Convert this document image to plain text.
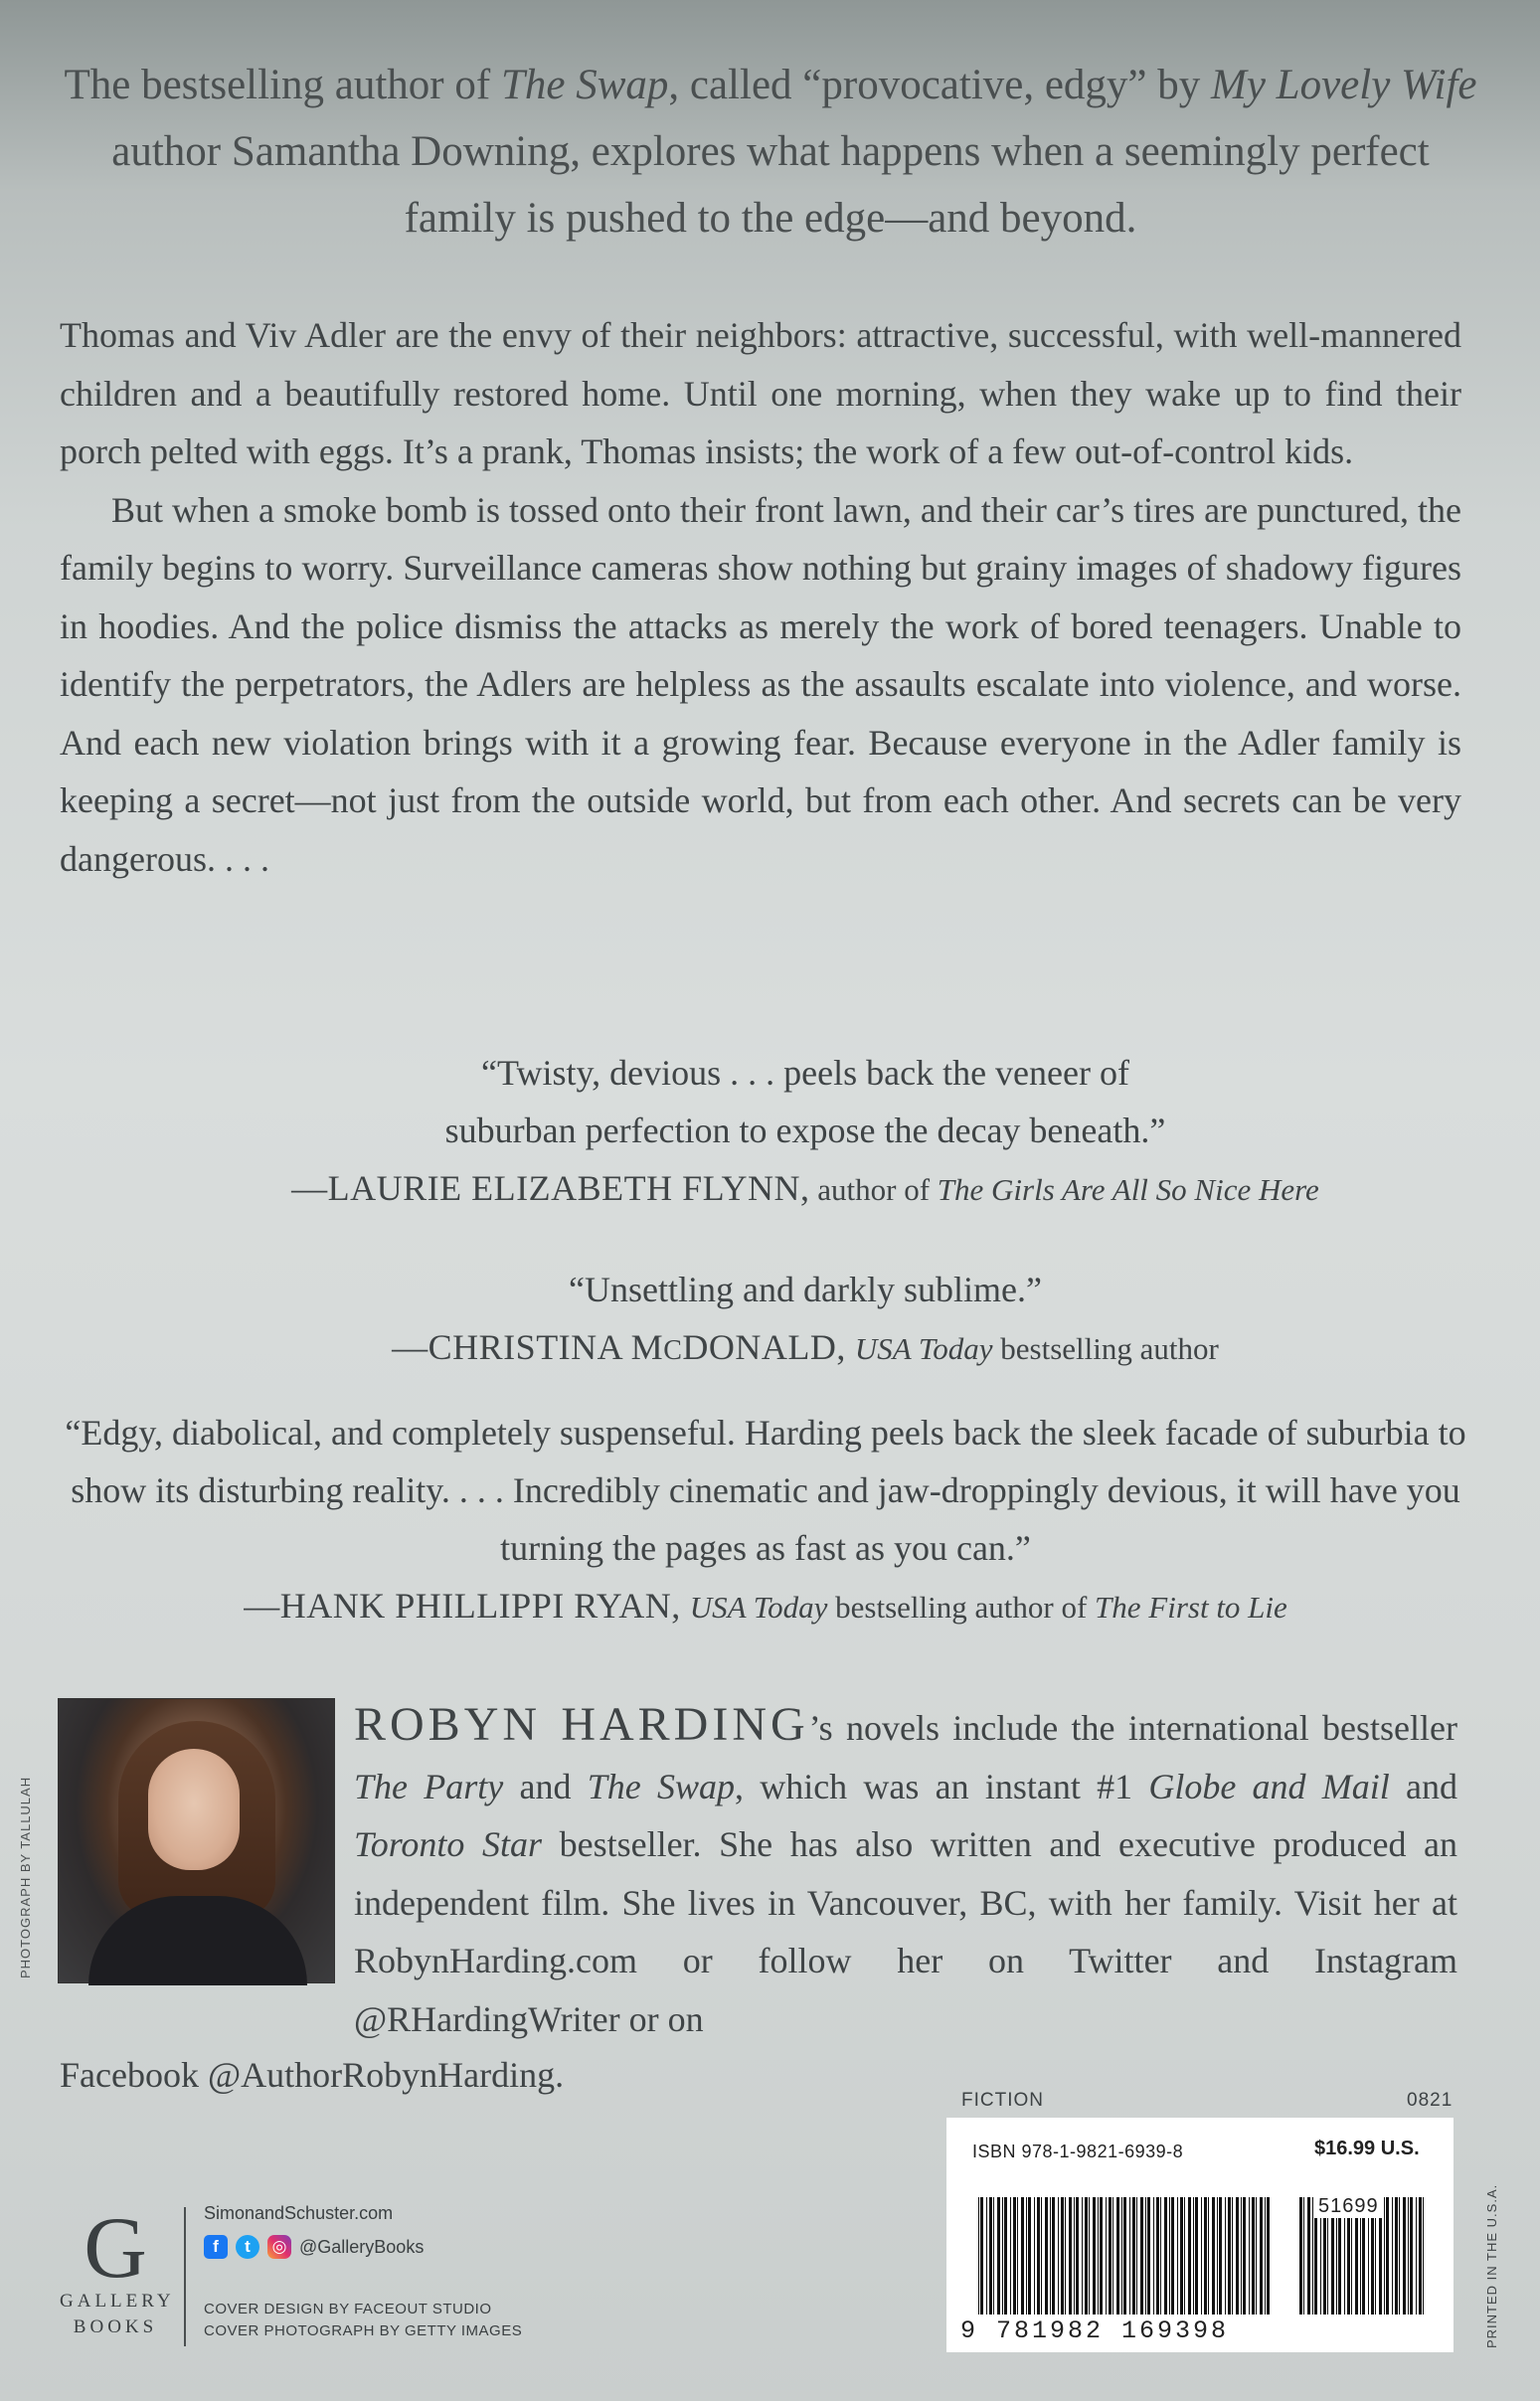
The bestselling author of The Swap, called “provocative, edgy” by My Lovely Wife author Samantha Downing, explores what happens when a seemingly perfect family is pushed to the edge—and beyond.

Thomas and Viv Adler are the envy of their neighbors: attractive, successful, with well-mannered children and a beautifully restored home. Until one morning, when they wake up to find their porch pelted with eggs. It’s a prank, Thomas insists; the work of a few out-of-control kids.

But when a smoke bomb is tossed onto their front lawn, and their car’s tires are punctured, the family begins to worry. Surveillance cameras show nothing but grainy images of shadowy figures in hoodies. And the police dismiss the attacks as merely the work of bored teenagers. Unable to identify the perpetrators, the Adlers are helpless as the assaults escalate into violence, and worse. And each new violation brings with it a growing fear. Because everyone in the Adler family is keeping a secret—not just from the outside world, but from each other. And secrets can be very dangerous. . . .

“Twisty, devious . . . peels back the veneer of
suburban perfection to expose the decay beneath.”
—LAURIE ELIZABETH FLYNN, author of The Girls Are All So Nice Here
“Unsettling and darkly sublime.”
—CHRISTINA MCDONALD, USA Today bestselling author
“Edgy, diabolical, and completely suspenseful. Harding peels back the sleek facade of suburbia to show its disturbing reality. . . . Incredibly cinematic and jaw-droppingly devious, it will have you turning the pages as fast as you can.”
—HANK PHILLIPPI RYAN, USA Today bestselling author of The First to Lie
PHOTOGRAPH BY TALLULAH
ROBYN HARDING’s novels include the international bestseller The Party and The Swap, which was an instant #1 Globe and Mail and Toronto Star bestseller. She has also written and executive produced an independent film. She lives in Vancouver, BC, with her family. Visit her at RobynHarding.com or follow her on Twitter and Instagram @RHardingWriter or on
Facebook @AuthorRobynHarding.
FICTION	0821
ISBN 978-1-9821-6939-8	$16.99 U.S.
51699
9 781982 169398	PRINTED IN THE U.S.A.
G
GALLERY
BOOKS
SimonandSchuster.com
f	t	◎ @GalleryBooks
COVER DESIGN BY FACEOUT STUDIO
COVER PHOTOGRAPH BY GETTY IMAGES
